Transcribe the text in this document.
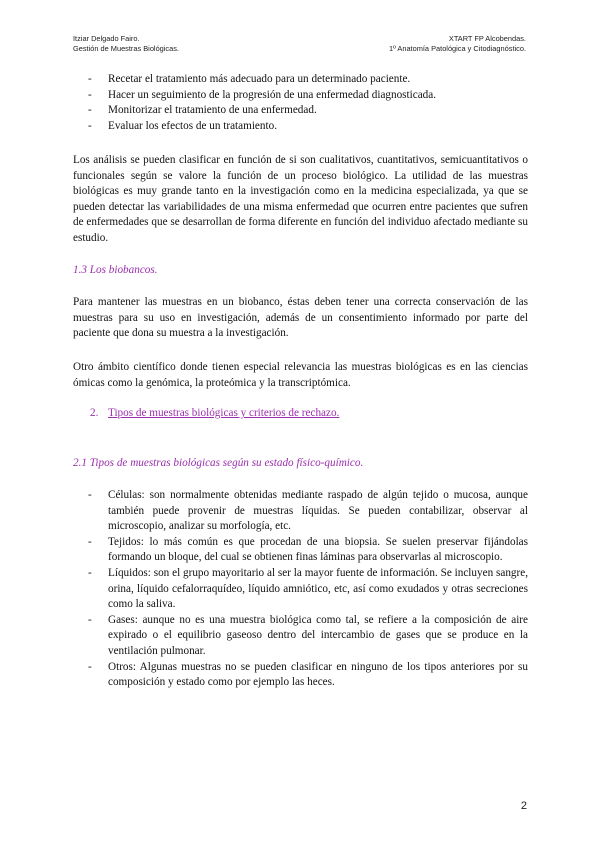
Itziar Delgado Fairo.
Gestión de Muestras Biológicas.
XTART FP Alcobendas.
1º Anatomía Patológica y Citodiagnóstico.
- Recetar el tratamiento más adecuado para un determinado paciente.
- Hacer un seguimiento de la progresión de una enfermedad diagnosticada.
- Monitorizar el tratamiento de una enfermedad.
- Evaluar los efectos de un tratamiento.

Los análisis se pueden clasificar en función de si son cualitativos, cuantitativos, semicuantitativos o funcionales según se valore la función de un proceso biológico. La utilidad de las muestras biológicas es muy grande tanto en la investigación como en la medicina especializada, ya que se pueden detectar las variabilidades de una misma enfermedad que ocurren entre pacientes que sufren de enfermedades que se desarrollan de forma diferente en función del individuo afectado mediante su estudio.

1.3 Los biobancos.

Para mantener las muestras en un biobanco, éstas deben tener una correcta conservación de las muestras para su uso en investigación, además de un consentimiento informado por parte del paciente que dona su muestra a la investigación.

Otro ámbito científico donde tienen especial relevancia las muestras biológicas es en las ciencias ómicas como la genómica, la proteómica y la transcriptómica.

2. Tipos de muestras biológicas y criterios de rechazo.

2.1 Tipos de muestras biológicas según su estado físico-químico.

- Células: son normalmente obtenidas mediante raspado de algún tejido o mucosa, aunque también puede provenir de muestras líquidas. Se pueden contabilizar, observar al microscopio, analizar su morfología, etc.
- Tejidos: lo más común es que procedan de una biopsia. Se suelen preservar fijándolas formando un bloque, del cual se obtienen finas láminas para observarlas al microscopio.
- Líquidos: son el grupo mayoritario al ser la mayor fuente de información. Se incluyen sangre, orina, líquido cefalorraquídeo, líquido amniótico, etc, así como exudados y otras secreciones como la saliva.
- Gases: aunque no es una muestra biológica como tal, se refiere a la composición de aire expirado o el equilibrio gaseoso dentro del intercambio de gases que se produce en la ventilación pulmonar.
- Otros: Algunas muestras no se pueden clasificar en ninguno de los tipos anteriores por su composición y estado como por ejemplo las heces.
2
